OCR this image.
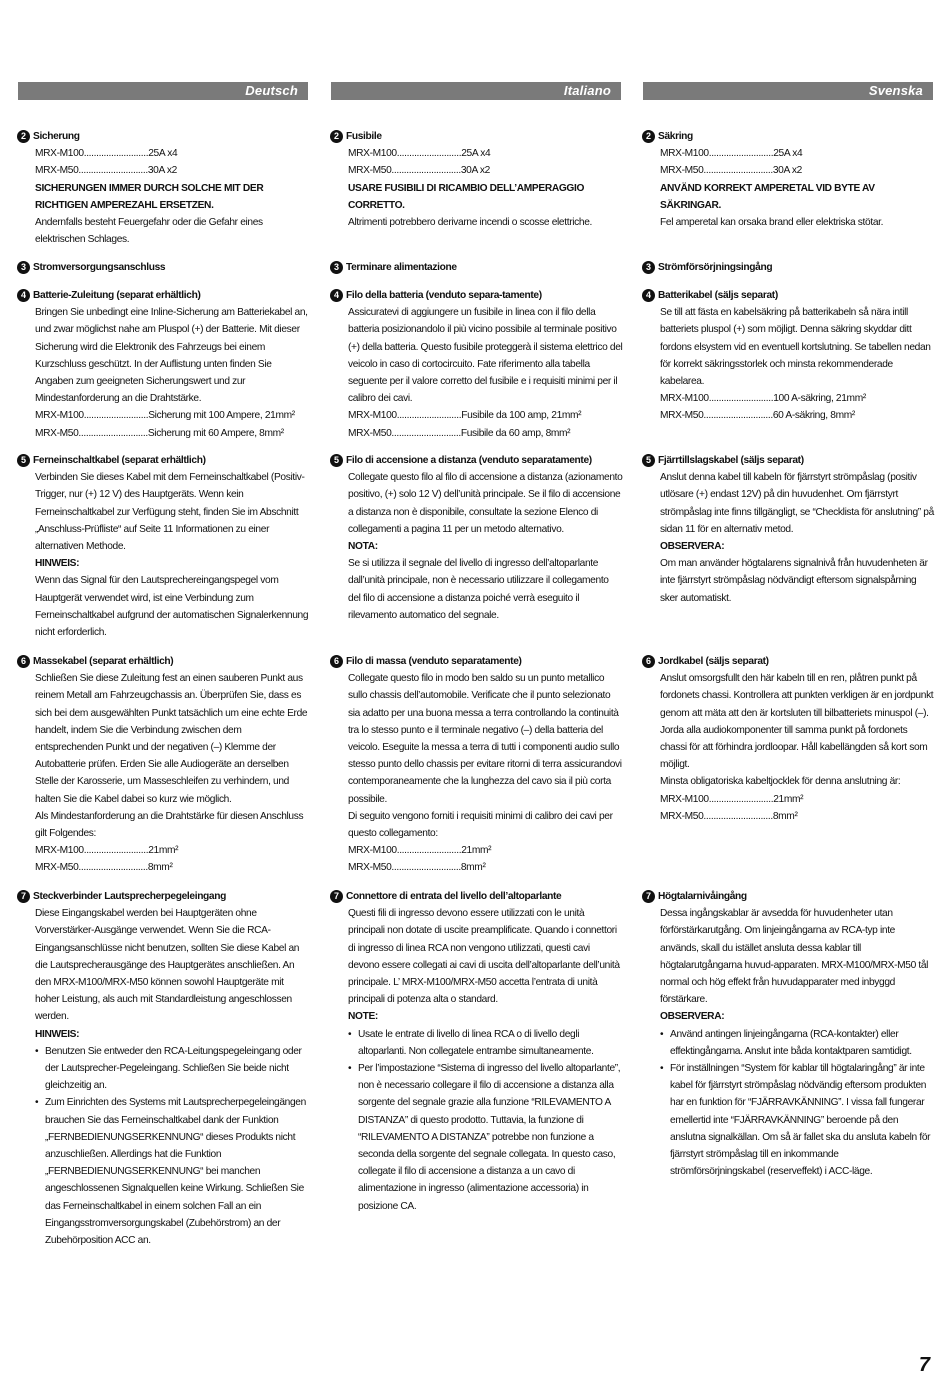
Deutsch
2 Sicherung
MRX-M100 .......................... 25A x4
MRX-M50 ............................ 30A x2

SICHERUNGEN IMMER DURCH SOLCHE MIT DER RICHTIGEN AMPEREZAHL ERSETZEN.

Andernfalls besteht Feuergefahr oder die Gefahr eines elektrischen Schlages.

3 Stromversorgungsanschluss
4 Batterie-Zuleitung (separat erhältlich)

Bringen Sie unbedingt eine Inline-Sicherung am Batteriekabel an, und zwar möglichst nahe am Pluspol (+) der Batterie. Mit dieser Sicherung wird die Elektronik des Fahrzeugs bei einem Kurzschluss geschützt. In der Auflistung unten finden Sie Angaben zum geeigneten Sicherungswert und zur Mindestanforderung an die Drahtstärke.

MRX-M100 .......................... Sicherung mit 100 Ampere, 21mm²
MRX-M50 ............................ Sicherung mit 60 Ampere, 8mm²
5 Ferneinschaltkabel (separat erhältlich)

Verbinden Sie dieses Kabel mit dem Ferneinschaltkabel (Positiv-Trigger, nur (+) 12 V) des Hauptgeräts. Wenn kein Ferneinschaltkabel zur Verfügung steht, finden Sie im Abschnitt „Anschluss-Prüfliste“ auf Seite 11 Informationen zu einer alternativen Methode.

HINWEIS:

Wenn das Signal für den Lautsprechereingangspegel vom Hauptgerät verwendet wird, ist eine Verbindung zum Ferneinschaltkabel aufgrund der automatischen Signalerkennung nicht erforderlich.

6 Massekabel (separat erhältlich)

Schließen Sie diese Zuleitung fest an einen sauberen Punkt aus reinem Metall am Fahrzeugchassis an. Überprüfen Sie, dass es sich bei dem ausgewählten Punkt tatsächlich um eine echte Erde handelt, indem Sie die Verbindung zwischen dem entsprechenden Punkt und der negativen (–) Klemme der Autobatterie prüfen. Erden Sie alle Audiogeräte an derselben Stelle der Karosserie, um Masseschleifen zu verhindern, und halten Sie die Kabel dabei so kurz wie möglich.

Als Mindestanforderung an die Drahtstärke für diesen Anschluss gilt Folgendes:

MRX-M100 .......................... 21mm²
MRX-M50 ............................ 8mm²
7 Steckverbinder Lautsprecherpegeleingang

Diese Eingangskabel werden bei Hauptgeräten ohne Vorverstärker-Ausgänge verwendet. Wenn Sie die RCA-Eingangsanschlüsse nicht benutzen, sollten Sie diese Kabel an die Lautsprecherausgänge des Hauptgerätes anschließen. An den MRX-M100/MRX-M50 können sowohl Hauptgeräte mit hoher Leistung, als auch mit Standardleistung angeschlossen werden.

HINWEIS:

• Benutzen Sie entweder den RCA-Leitungspegeleingang oder der Lautsprecher-Pegeleingang. Schließen Sie beide nicht gleichzeitig an.
• Zum Einrichten des Systems mit Lautsprecherpegeleingängen brauchen Sie das Ferneinschaltkabel dank der Funktion „FERNBEDIENUNGSERKENNUNG“ dieses Produkts nicht anzuschließen. Allerdings hat die Funktion „FERNBEDIENUNGSERKENNUNG“ bei manchen angeschlossenen Signalquellen keine Wirkung. Schließen Sie das Ferneinschaltkabel in einem solchen Fall an ein Eingangsstromversorgungskabel (Zubehörstrom) an der Zubehörposition ACC an.
Italiano
2 Fusibile
MRX-M100 .......................... 25A x4
MRX-M50 ............................ 30A x2

USARE FUSIBILI DI RICAMBIO DELL’AMPERAGGIO CORRETTO.

Altrimenti potrebbero derivarne incendi o scosse elettriche.

3 Terminare alimentazione
4 Filo della batteria (venduto separa-tamente)

Assicuratevi di aggiungere un fusibile in linea con il filo della batteria posizionandolo il più vicino possibile al terminale positivo (+) della batteria. Questo fusibile proteggerà il sistema elettrico del veicolo in caso di cortocircuito. Fate riferimento alla tabella seguente per il valore corretto del fusibile e i requisiti minimi per il calibro dei cavi.

MRX-M100 .......................... Fusibile da 100 amp, 21mm²
MRX-M50 ............................ Fusibile da 60 amp, 8mm²
5 Filo di accensione a distanza (venduto separatamente)

Collegate questo filo al filo di accensione a distanza (azionamento positivo, (+) solo 12 V) dell’unità principale. Se il filo di accensione a distanza non è disponibile, consultate la sezione Elenco di collegamenti a pagina 11 per un metodo alternativo.

NOTA:

Se si utilizza il segnale del livello di ingresso dell’altoparlante dall’unità principale, non è necessario utilizzare il collegamento del filo di accensione a distanza poiché verrà eseguito il rilevamento automatico del segnale.

6 Filo di massa (venduto separatamente)

Collegate questo filo in modo ben saldo su un punto metallico sullo chassis dell’automobile. Verificate che il punto selezionato sia adatto per una buona messa a terra controllando la continuità tra lo stesso punto e il terminale negativo (–) della batteria del veicolo. Eseguite la messa a terra di tutti i componenti audio sullo stesso punto dello chassis per evitare ritorni di terra assicurandovi contemporaneamente che la lunghezza del cavo sia il più corta possibile.

Di seguito vengono forniti i requisiti minimi di calibro dei cavi per questo collegamento:

MRX-M100 .......................... 21mm²
MRX-M50 ............................ 8mm²
7 Connettore di entrata del livello dell’altoparlante

Questi fili di ingresso devono essere utilizzati con le unità principali non dotate di uscite preamplificate. Quando i connettori di ingresso di linea RCA non vengono utilizzati, questi cavi devono essere collegati ai cavi di uscita dell’altoparlante dell’unità principale. L’ MRX-M100/MRX-M50 accetta l’entrata di unità principali di potenza alta o standard.

NOTE:

• Usate le entrate di livello di linea RCA o di livello degli altoparlanti. Non collegatele entrambe simultaneamente.
• Per l’impostazione “Sistema di ingresso del livello altoparlante”, non è necessario collegare il filo di accensione a distanza alla sorgente del segnale grazie alla funzione “RILEVAMENTO A DISTANZA” di questo prodotto. Tuttavia, la funzione di “RILEVAMENTO A DISTANZA” potrebbe non funzione a seconda della sorgente del segnale collegata. In questo caso, collegate il filo di accensione a distanza a un cavo di alimentazione in ingresso (alimentazione accessoria) in posizione CA.
Svenska
2 Säkring
MRX-M100 .......................... 25A x4
MRX-M50 ............................ 30A x2

ANVÄND KORREKT AMPERETAL VID BYTE AV SÄKRINGAR.

Fel amperetal kan orsaka brand eller elektriska stötar.

3 Strömförsörjningsingång
4 Batterikabel (säljs separat)

Se till att fästa en kabelsäkring på batterikabeln så nära intill batteriets pluspol (+) som möjligt. Denna säkring skyddar ditt fordons elsystem vid en eventuell kortslutning. Se tabellen nedan för korrekt säkringsstorlek och minsta rekommenderade kabelarea.

MRX-M100 .......................... 100 A-säkring, 21mm²
MRX-M50 ............................ 60 A-säkring, 8mm²
5 Fjärrtillslagskabel (säljs separat)

Anslut denna kabel till kabeln för fjärrstyrt strömpåslag (positiv utlösare (+) endast 12V) på din huvudenhet. Om fjärrstyrt strömpåslag inte finns tillgängligt, se “Checklista för anslutning” på sidan 11 för en alternativ metod.

OBSERVERA:

Om man använder högtalarens signalnivå från huvudenheten är inte fjärrstyrt strömpåslag nödvändigt eftersom signalspårning sker automatiskt.

6 Jordkabel (säljs separat)

Anslut omsorgsfullt den här kabeln till en ren, plåtren punkt på fordonets chassi. Kontrollera att punkten verkligen är en jordpunkt genom att mäta att den är kortsluten till bilbatteriets minuspol (–). Jorda alla audiokomponenter till samma punkt på fordonets chassi för att förhindra jordloopar. Håll kabellängden så kort som möjligt.

Minsta obligatoriska kabeltjocklek för denna anslutning är:

MRX-M100 .......................... 21mm²
MRX-M50 ............................ 8mm²
7 Högtalarnivåingång

Dessa ingångskablar är avsedda för huvudenheter utan förförstärkarutgång. Om linjeingångarna av RCA-typ inte används, skall du istället ansluta dessa kablar till högtalarutgångarna huvud-apparaten. MRX-M100/MRX-M50 tål normal och hög effekt från huvudapparater med inbyggd förstärkare.

OBSERVERA:

• Använd antingen linjeingångarna (RCA-kontakter) eller effektingångarna. Anslut inte båda kontaktparen samtidigt.
• För inställningen “System för kablar till högtalaringång” är inte kabel för fjärrstyrt strömpåslag nödvändig eftersom produkten har en funktion för “FJÄRRAVKÄNNING”. I vissa fall fungerar emellertid inte “FJÄRRAVKÄNNING” beroende på den anslutna signalkällan. Om så är fallet ska du ansluta kabeln för fjärrstyrt strömpåslag till en inkommande strömförsörjningskabel (reserveffekt) i ACC-läge.
7
